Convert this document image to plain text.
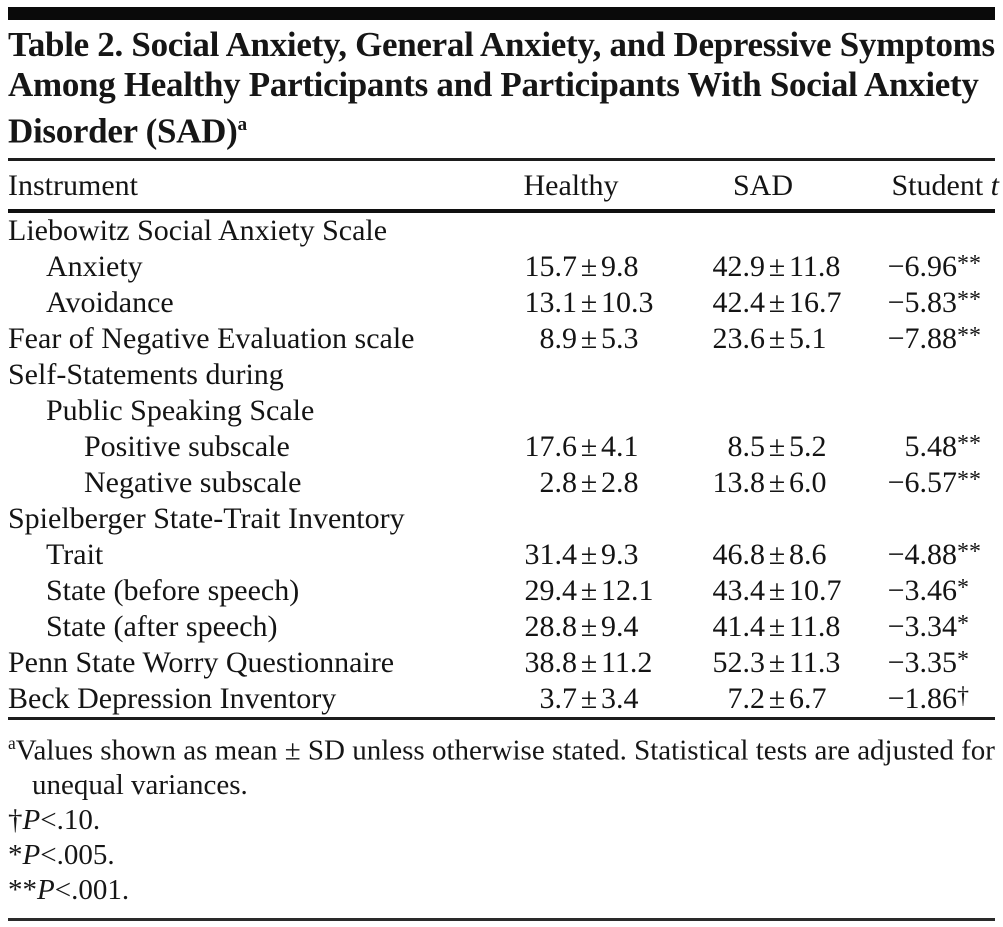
Table 2. Social Anxiety, General Anxiety, and Depressive Symptoms Among Healthy Participants and Participants With Social Anxiety Disorder (SAD)$^a$
Instrument	Healthy	SAD	Student t
Liebowitz Social Anxiety Scale
Anxiety	15.7 ± 9.8	42.9 ± 11.8	−6.96 **
Avoidance	13.1 ± 10.3	42.4 ± 16.7	−5.83 **
Fear of Negative Evaluation scale	8.9 ± 5.3	23.6 ± 5.1	−7.88 **
Self-Statements during
Public Speaking Scale
Positive subscale	17.6 ± 4.1	8.5 ± 5.2	5.48 **
Negative subscale	2.8 ± 2.8	13.8 ± 6.0	−6.57 **
Spielberger State-Trait Inventory
Trait	31.4 ± 9.3	46.8 ± 8.6	−4.88 **
State (before speech)	29.4 ± 12.1	43.4 ± 10.7	−3.46 *
State (after speech)	28.8 ± 9.4	41.4 ± 11.8	−3.34 *
Penn State Worry Questionnaire	38.8 ± 11.2	52.3 ± 11.3	−3.35 *
Beck Depression Inventory	3.7 ± 3.4	7.2 ± 6.7	−1.86 †

$^a$Values shown as mean ± SD unless otherwise stated. Statistical tests are adjusted for unequal variances.

†P<.10.

*P<.005.

**P<.001.
